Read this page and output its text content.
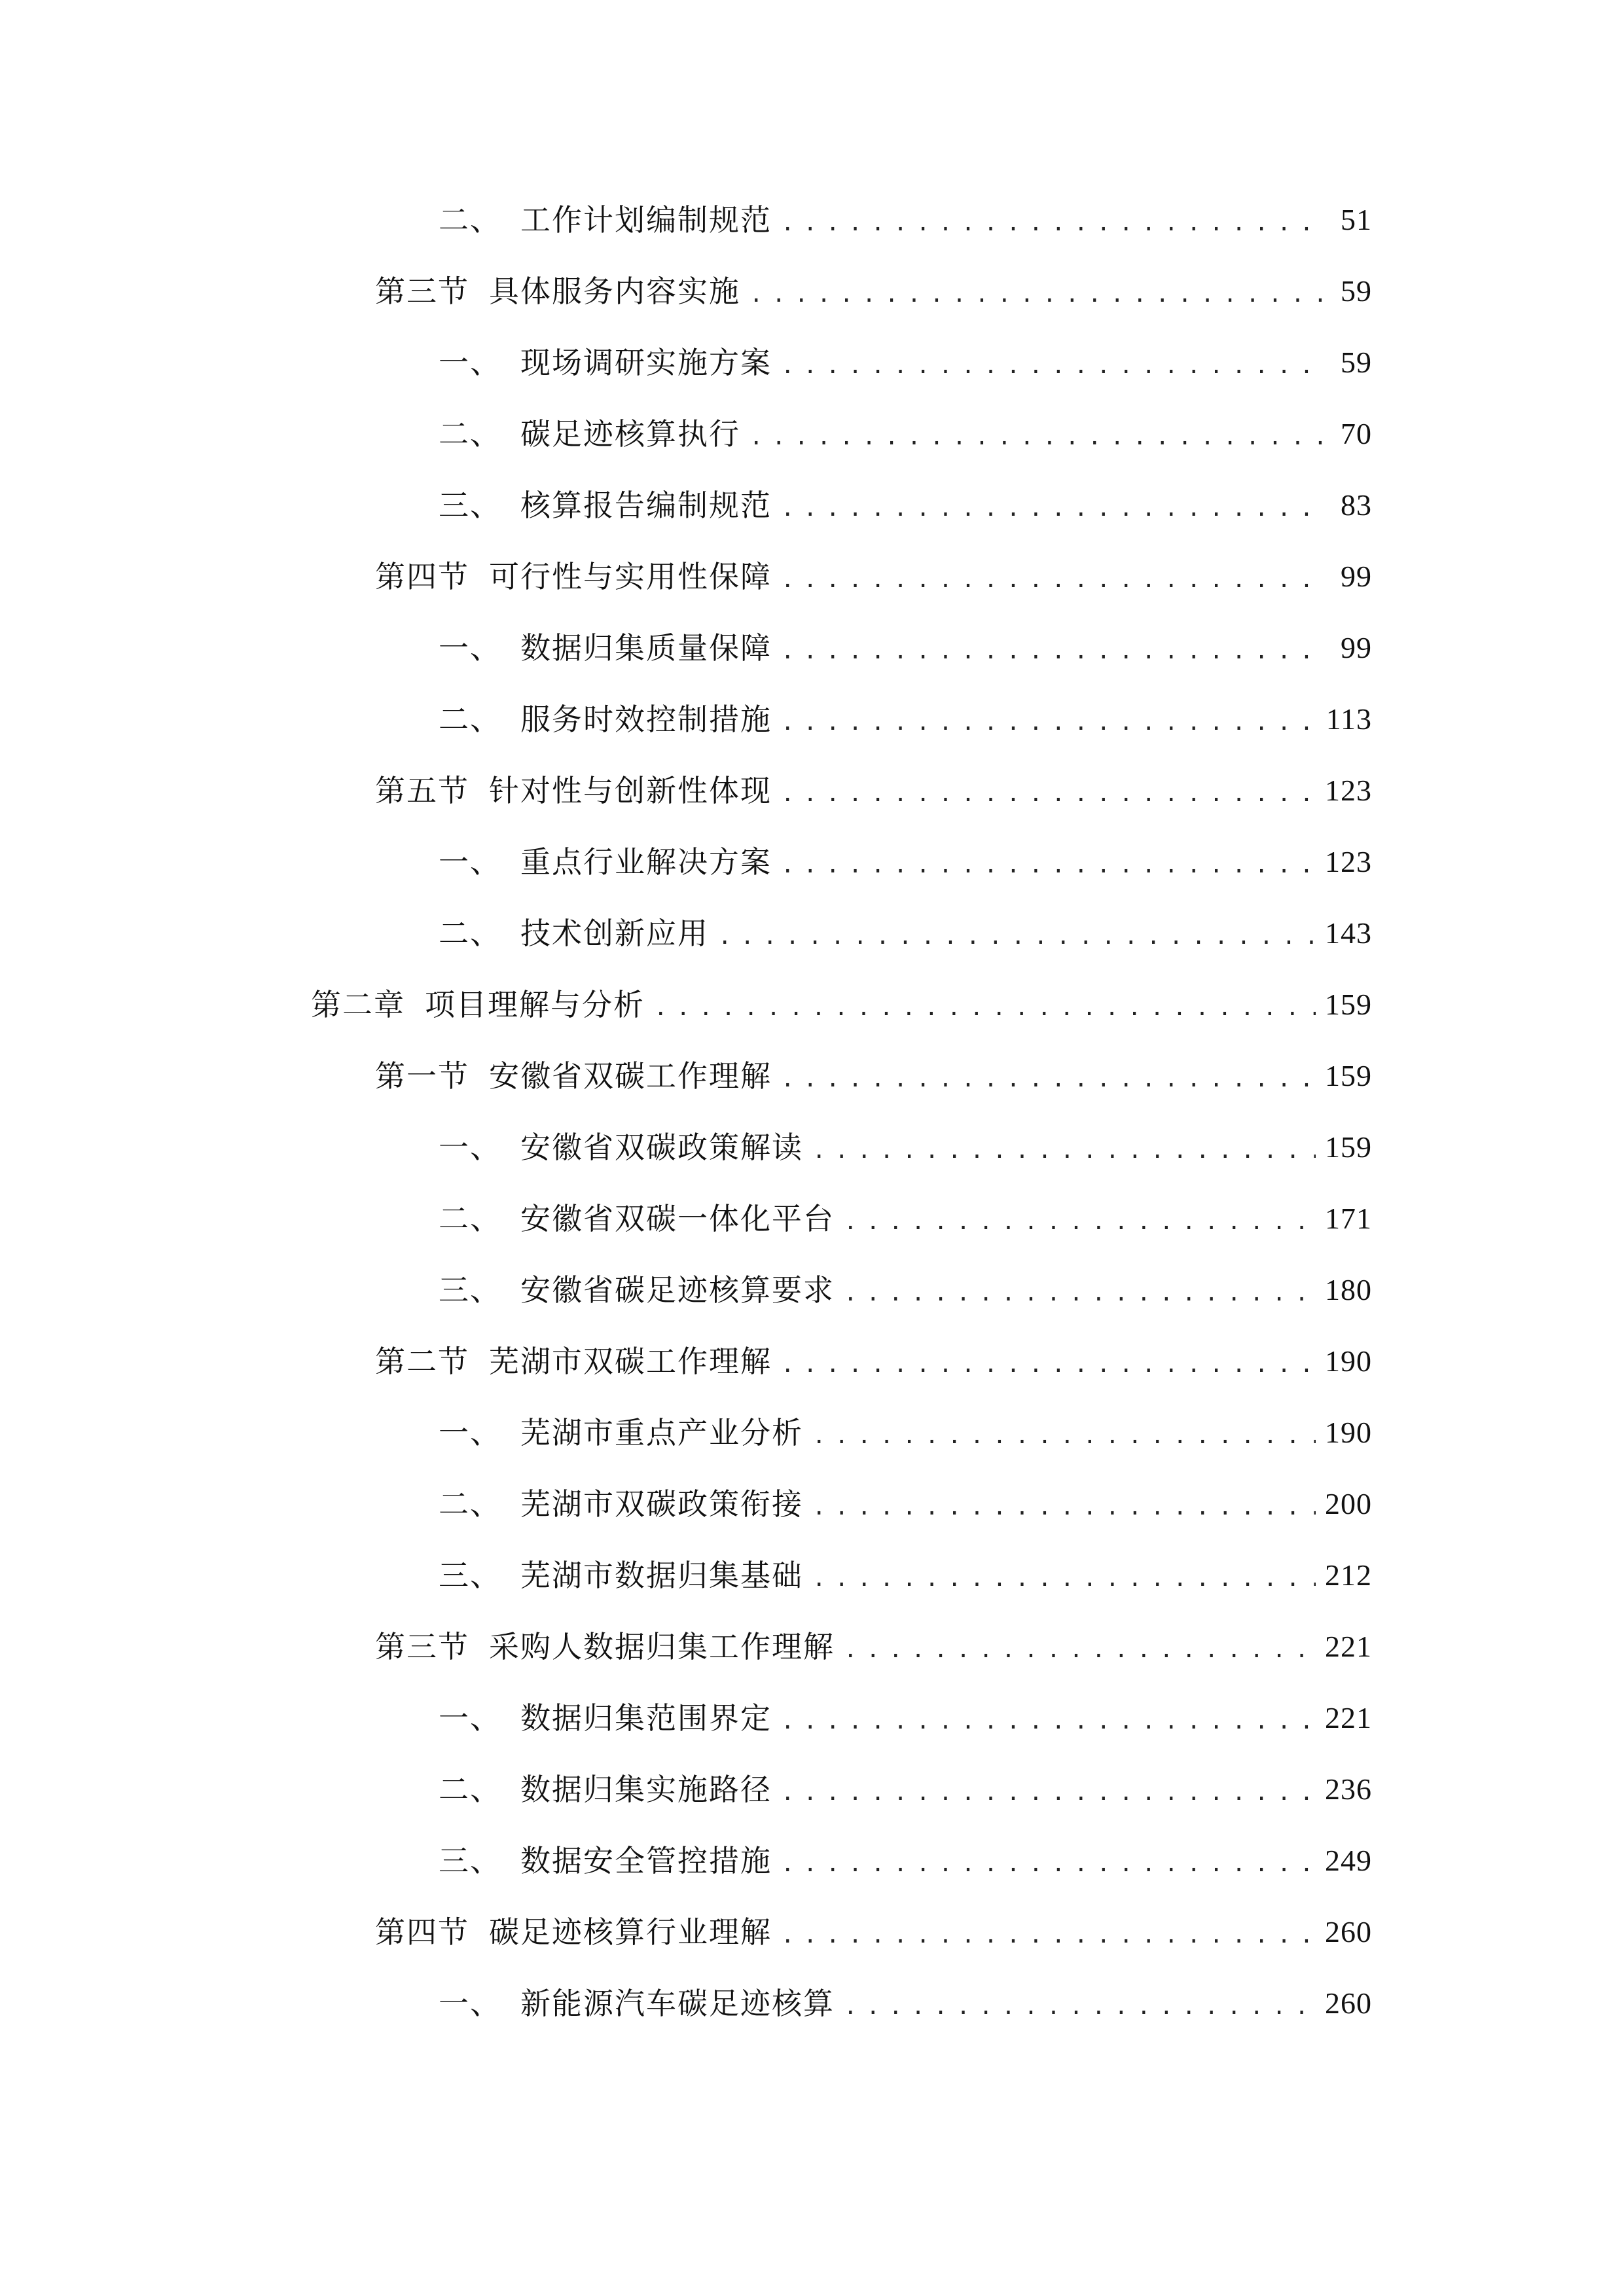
二、 工作计划编制规范 .....	51
第三节 具体服务内容实施 .....	59
一、 现场调研实施方案 .....	59
二、 碳足迹核算执行 .....	70
三、 核算报告编制规范 .....	83
第四节 可行性与实用性保障 .....	99
一、 数据归集质量保障 .....	99
二、 服务时效控制措施 .....	113
第五节 针对性与创新性体现 .....	123
一、 重点行业解决方案 .....	123
二、 技术创新应用 .....	143
第二章 项目理解与分析 .....	159
第一节 安徽省双碳工作理解 .....	159
一、 安徽省双碳政策解读 .....	159
二、 安徽省双碳一体化平台 .....	171
三、 安徽省碳足迹核算要求 .....	180
第二节 芜湖市双碳工作理解 .....	190
一、 芜湖市重点产业分析 .....	190
二、 芜湖市双碳政策衔接 .....	200
三、 芜湖市数据归集基础 .....	212
第三节 采购人数据归集工作理解 .....	221
一、 数据归集范围界定 .....	221
二、 数据归集实施路径 .....	236
三、 数据安全管控措施 .....	249
第四节 碳足迹核算行业理解 .....	260
一、 新能源汽车碳足迹核算 .....	260
